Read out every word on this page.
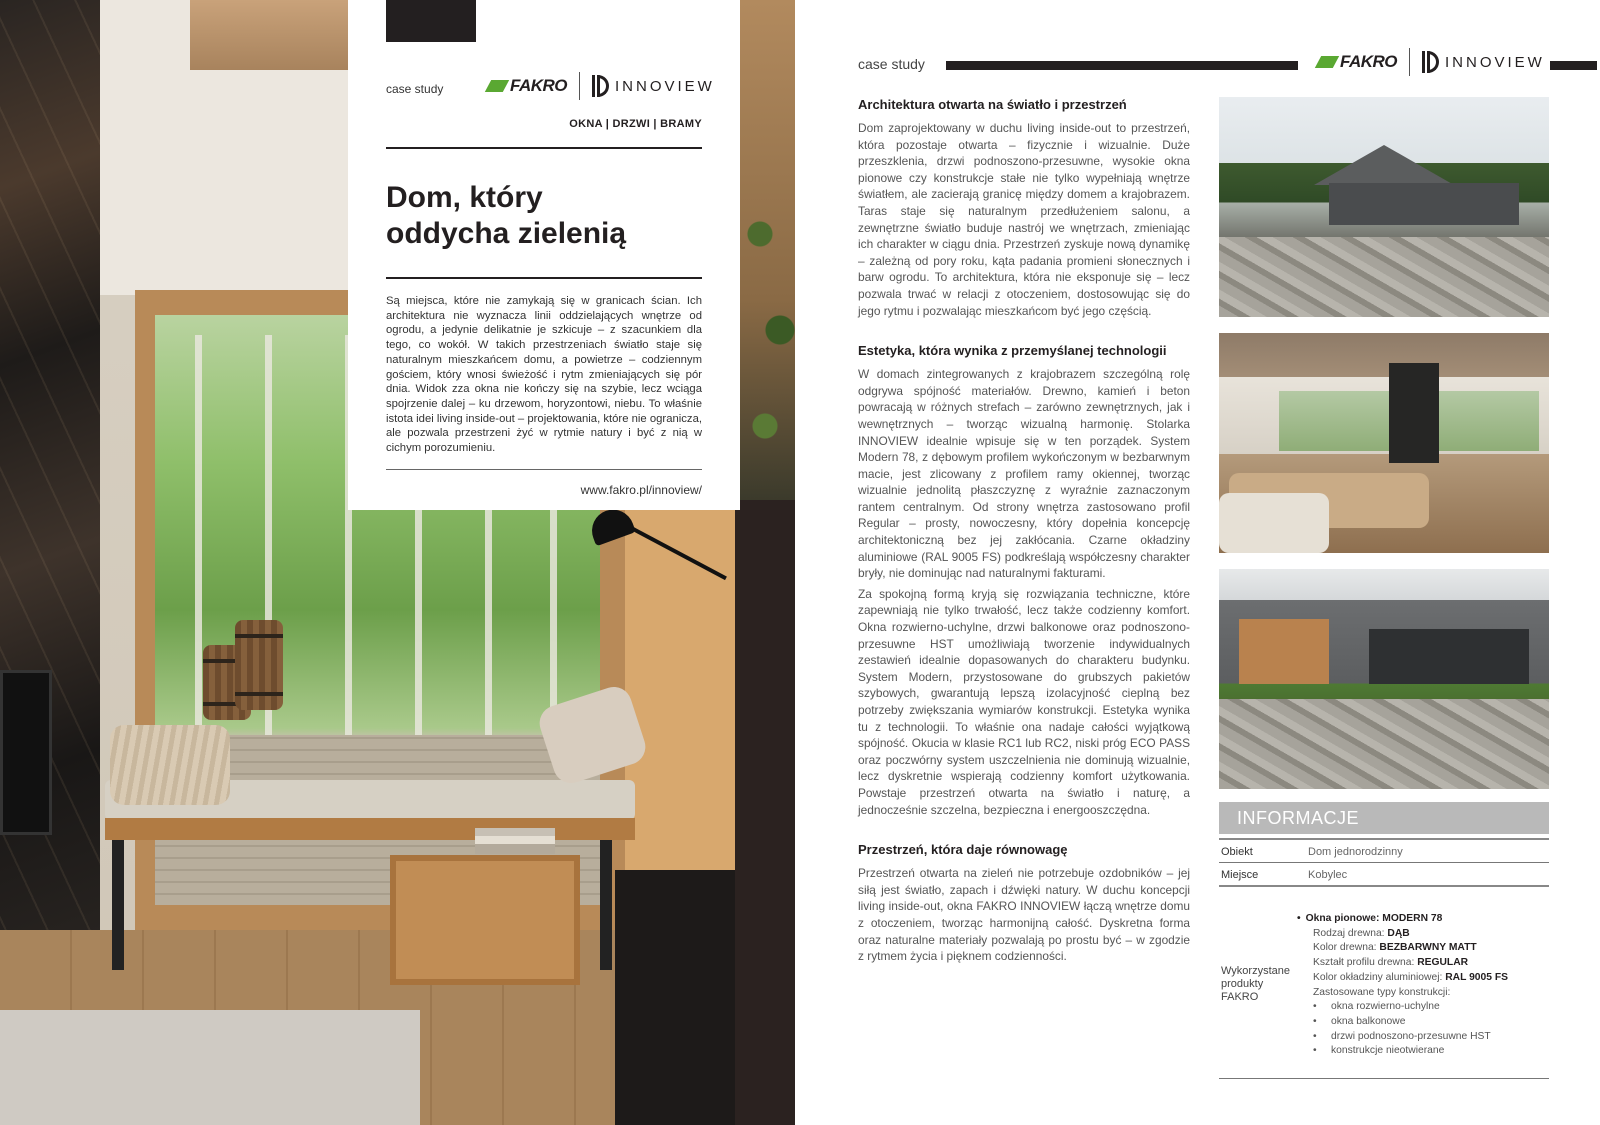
case study	FAKRO	INNOVIEW
OKNA | DRZWI | BRAMY
Dom, który
oddycha zielenią
Są miejsca, które nie zamykają się w granicach ścian. Ich architektura nie wyznacza linii oddzielających wnętrze od ogrodu, a jedynie delikatnie je szkicuje – z szacunkiem dla tego, co wokół. W takich przestrzeniach światło staje się naturalnym mieszkańcem domu, a powietrze – codziennym gościem, który wnosi świeżość i rytm zmieniających się pór dnia. Widok zza okna nie kończy się na szybie, lecz wciąga spojrzenie dalej – ku drzewom, horyzontowi, niebu. To właśnie istota idei living inside-out – projektowania, które nie ogranicza, ale pozwala przestrzeni żyć w rytmie natury i być z nią w cichym porozumieniu.
www.fakro.pl/innoview/
case study	FAKRO	INNOVIEW
Architektura otwarta na światło i przestrzeń

Dom zaprojektowany w duchu living inside-out to przestrzeń, która pozostaje otwarta – fizycznie i wizualnie. Duże przeszklenia, drzwi podnoszono-przesuwne, wysokie okna pionowe czy konstrukcje stałe nie tylko wypełniają wnętrze światłem, ale zacierają granicę między domem a krajobrazem. Taras staje się naturalnym przedłużeniem salonu, a zewnętrzne światło buduje nastrój we wnętrzach, zmieniając ich charakter w ciągu dnia. Przestrzeń zyskuje nową dynamikę – zależną od pory roku, kąta padania promieni słonecznych i barw ogrodu. To architektura, która nie eksponuje się – lecz pozwala trwać w relacji z otoczeniem, dostosowując się do jego rytmu i pozwalając mieszkańcom być jego częścią.

Estetyka, która wynika z przemyślanej technologii

W domach zintegrowanych z krajobrazem szczególną rolę odgrywa spójność materiałów. Drewno, kamień i beton powracają w różnych strefach – zarówno zewnętrznych, jak i wewnętrznych – tworząc wizualną harmonię. Stolarka INNOVIEW idealnie wpisuje się w ten porządek. System Modern 78, z dębowym profilem wykończonym w bezbarwnym macie, jest zlicowany z profilem ramy okiennej, tworząc wizualnie jednolitą płaszczyznę z wyraźnie zaznaczonym rantem centralnym. Od strony wnętrza zastosowano profil Regular – prosty, nowoczesny, który dopełnia koncepcję architektoniczną bez jej zakłócania. Czarne okładziny aluminiowe (RAL 9005 FS) podkreślają współczesny charakter bryły, nie dominując nad naturalnymi fakturami.

Za spokojną formą kryją się rozwiązania techniczne, które zapewniają nie tylko trwałość, lecz także codzienny komfort. Okna rozwierno-uchylne, drzwi balkonowe oraz podnoszono-przesuwne HST umożliwiają tworzenie indywidualnych zestawień idealnie dopasowanych do charakteru budynku. System Modern, przystosowane do grubszych pakietów szybowych, gwarantują lepszą izolacyjność cieplną bez potrzeby zwiększania wymiarów konstrukcji. Estetyka wynika tu z technologii. To właśnie ona nadaje całości wyjątkową spójność. Okucia w klasie RC1 lub RC2, niski próg ECO PASS oraz poczwórny system uszczelnienia nie dominują wizualnie, lecz dyskretnie wspierają codzienny komfort użytkowania. Powstaje przestrzeń otwarta na światło i naturę, a jednocześnie szczelna, bezpieczna i energooszczędna.

Przestrzeń, która daje równowagę

Przestrzeń otwarta na zieleń nie potrzebuje ozdobników – jej siłą jest światło, zapach i dźwięki natury. W duchu koncepcji living inside-out, okna FAKRO INNOVIEW łączą wnętrze domu z otoczeniem, tworząc harmonijną całość. Dyskretna forma oraz naturalne materiały pozwalają po prostu być – w zgodzie z rytmem życia i pięknem codzienności.

INFORMACJE
Obiekt	Dom jednorodzinny
Miejsce	Kobylec
Wykorzystane produkty FAKRO
• Okna pionowe: MODERN 78
Rodzaj drewna: DĄB
Kolor drewna: BEZBARWNY MATT
Kształt profilu drewna: REGULAR
Kolor okładziny aluminiowej: RAL 9005 FS
Zastosowane typy konstrukcji:
• okna rozwierno-uchylne
• okna balkonowe
• drzwi podnoszono-przesuwne HST
• konstrukcje nieotwierane
